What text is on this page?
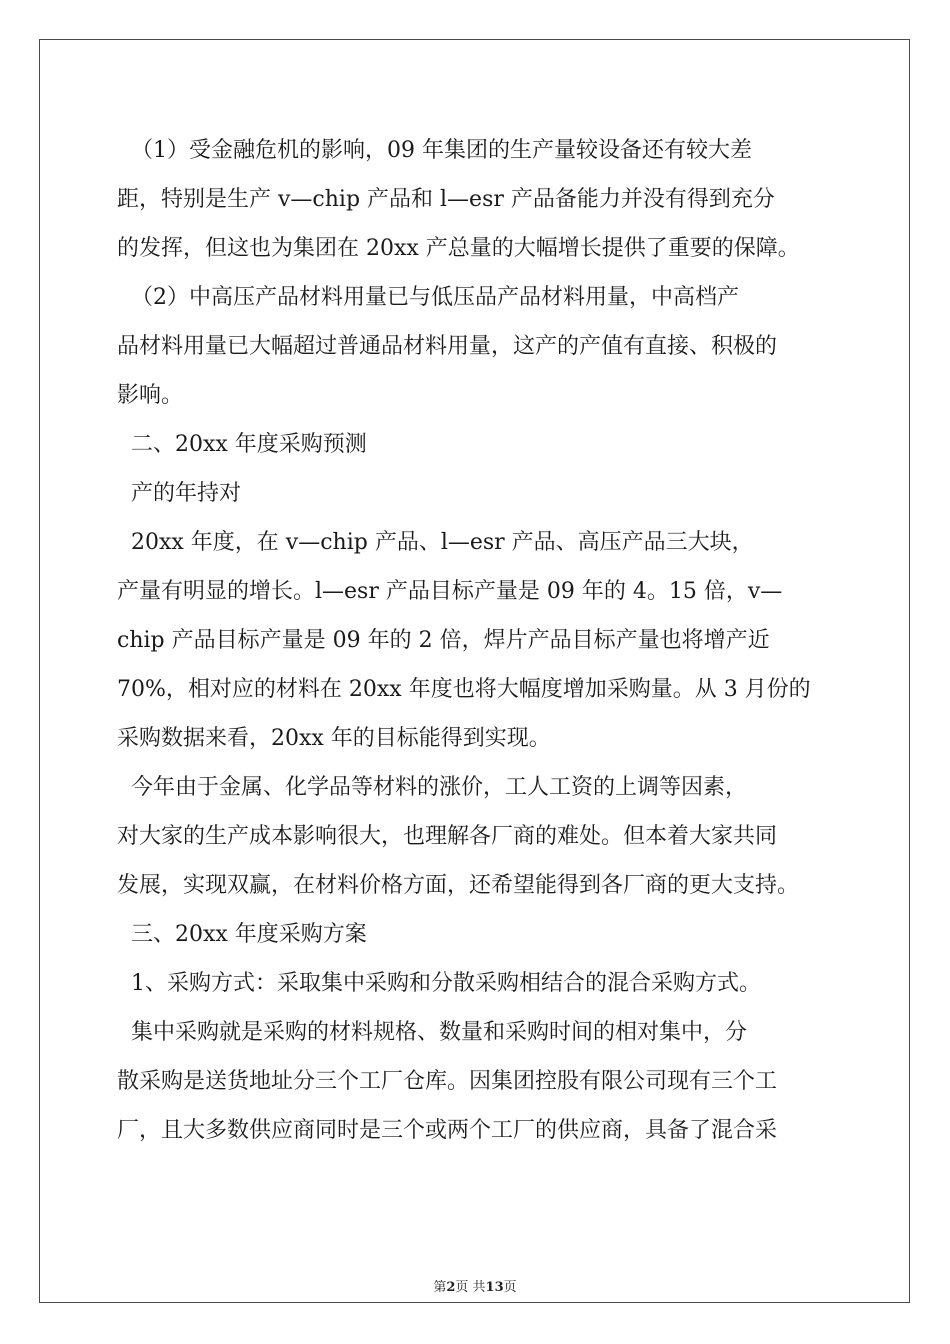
（1）受金融危机的影响，09 年集团的生产量较设备还有较大差
距，特别是生产 v—chip 产品和 l—esr 产品备能力并没有得到充分
的发挥，但这也为集团在 20xx 产总量的大幅增长提供了重要的保障。
（2）中高压产品材料用量已与低压品产品材料用量，中高档产
品材料用量已大幅超过普通品材料用量，这产的产值有直接、积极的
影响。
二、20xx 年度采购预测
产的年持对
20xx 年度，在 v—chip 产品、l—esr 产品、高压产品三大块，
产量有明显的增长。l—esr 产品目标产量是 09 年的 4。15 倍，v—
chip 产品目标产量是 09 年的 2 倍，焊片产品目标产量也将增产近
70%，相对应的材料在 20xx 年度也将大幅度增加采购量。从 3 月份的
采购数据来看，20xx 年的目标能得到实现。
今年由于金属、化学品等材料的涨价，工人工资的上调等因素，
对大家的生产成本影响很大，也理解各厂商的难处。但本着大家共同
发展，实现双赢，在材料价格方面，还希望能得到各厂商的更大支持。
三、20xx 年度采购方案
1、采购方式：采取集中采购和分散采购相结合的混合采购方式。
集中采购就是采购的材料规格、数量和采购时间的相对集中，分
散采购是送货地址分三个工厂仓库。因集团控股有限公司现有三个工
厂，且大多数供应商同时是三个或两个工厂的供应商，具备了混合采
第2页 共13页
